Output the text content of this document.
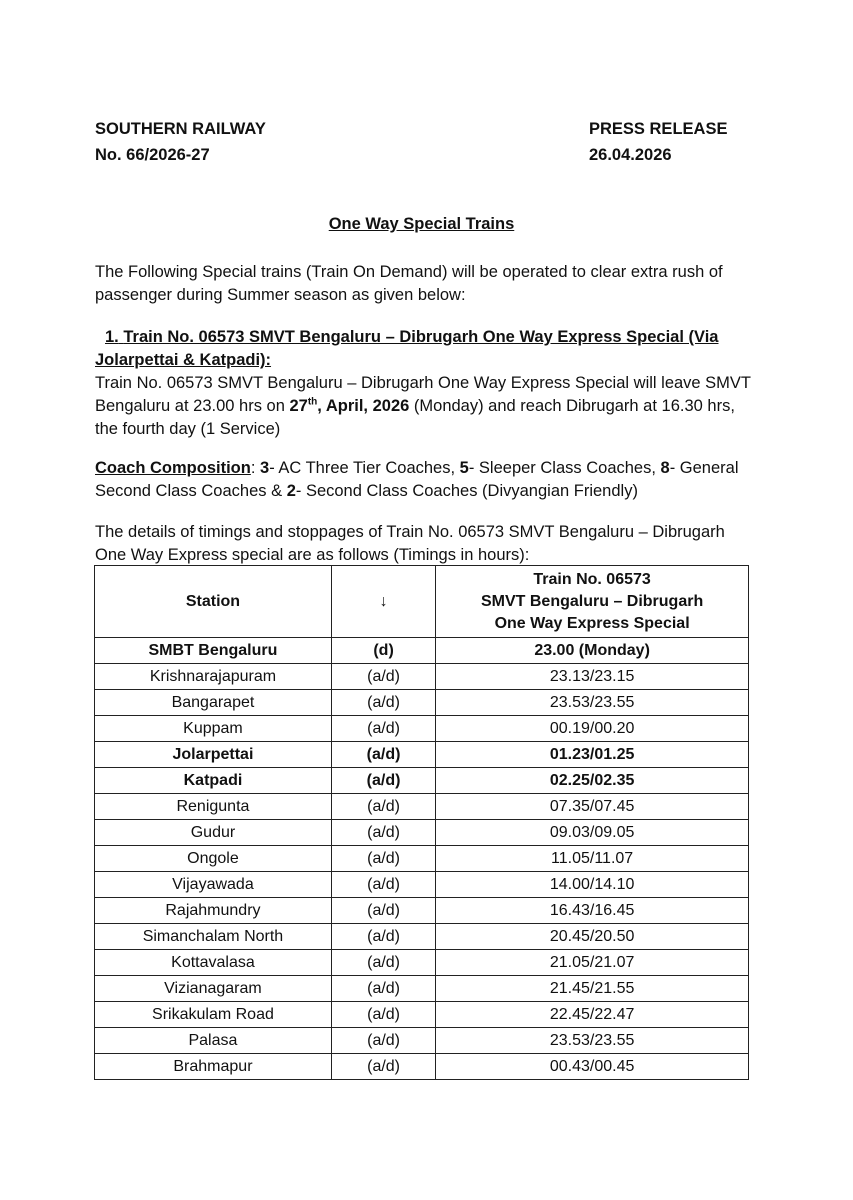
SOUTHERN RAILWAY
No. 66/2026-27
PRESS RELEASE
26.04.2026
One Way Special Trains
The Following Special trains (Train On Demand) will be operated to clear extra rush of passenger during Summer season as given below:
1. Train No. 06573 SMVT Bengaluru – Dibrugarh One Way Express Special (Via Jolarpettai & Katpadi):
Train No. 06573 SMVT Bengaluru – Dibrugarh One Way Express Special will leave SMVT Bengaluru at 23.00 hrs on 27th, April, 2026 (Monday) and reach Dibrugarh at 16.30 hrs, the fourth day (1 Service)
Coach Composition: 3- AC Three Tier Coaches, 5- Sleeper Class Coaches, 8- General Second Class Coaches & 2- Second Class Coaches (Divyangian Friendly)
The details of timings and stoppages of Train No. 06573 SMVT Bengaluru – Dibrugarh One Way Express special are as follows (Timings in hours):
Station	↓	Train No. 06573
SMVT Bengaluru – Dibrugarh
One Way Express Special

SMBT Bengaluru	(d)	23.00 (Monday)
Krishnarajapuram	(a/d)	23.13/23.15
Bangarapet	(a/d)	23.53/23.55
Kuppam	(a/d)	00.19/00.20
Jolarpettai	(a/d)	01.23/01.25
Katpadi	(a/d)	02.25/02.35
Renigunta	(a/d)	07.35/07.45
Gudur	(a/d)	09.03/09.05
Ongole	(a/d)	11.05/11.07
Vijayawada	(a/d)	14.00/14.10
Rajahmundry	(a/d)	16.43/16.45
Simanchalam North	(a/d)	20.45/20.50
Kottavalasa	(a/d)	21.05/21.07
Vizianagaram	(a/d)	21.45/21.55
Srikakulam Road	(a/d)	22.45/22.47
Palasa	(a/d)	23.53/23.55
Brahmapur	(a/d)	00.43/00.45
